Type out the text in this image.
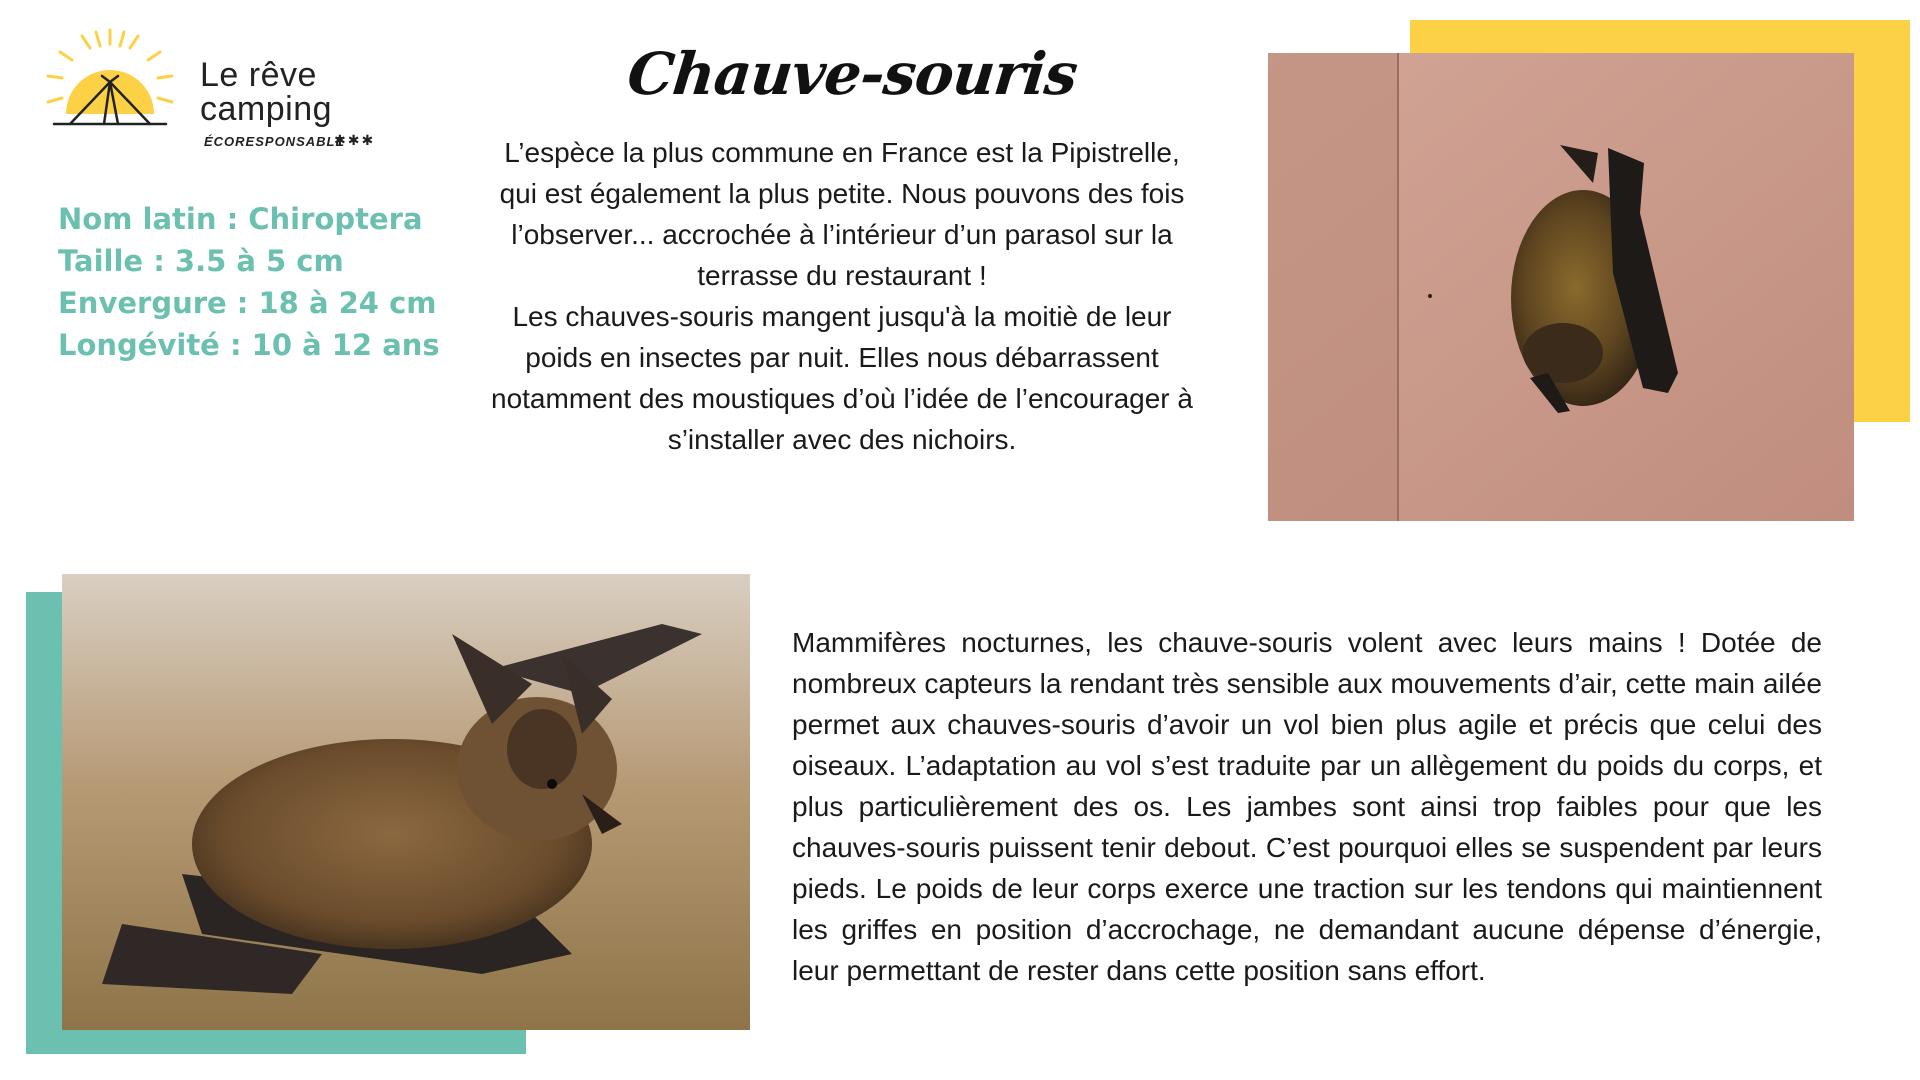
Le rêve
camping
ÉCORESPONSABLE
✱✱✱
Nom latin : Chiroptera
Taille : 3.5 à 5 cm
Envergure : 18 à 24 cm
Longévité : 10 à 12 ans
Chauve-souris

L’espèce la plus commune en France est la Pipistrelle, qui est également la plus petite. Nous pouvons des fois l’observer... accrochée à l’intérieur d’un parasol sur la terrasse du restaurant !

Les chauves-souris mangent jusqu'à la moitiè de leur poids en insectes par nuit. Elles nous débarrassent notamment des moustiques d’où l’idée de l’encourager à s’installer avec des nichoirs.

Mammifères nocturnes, les chauve-souris volent avec leurs mains ! Dotée de nombreux capteurs la rendant très sensible aux mouvements d’air, cette main ailée permet aux chauves-souris d’avoir un vol bien plus agile et précis que celui des oiseaux. L’adaptation au vol s’est traduite par un allègement du poids du corps, et plus particulièrement des os. Les jambes sont ainsi trop faibles pour que les chauves-souris puissent tenir debout. C’est pourquoi elles se suspendent par leurs pieds. Le poids de leur corps exerce une traction sur les tendons qui maintiennent les griffes en position d’accrochage, ne demandant aucune dépense d’énergie, leur permettant de rester dans cette position sans effort.
